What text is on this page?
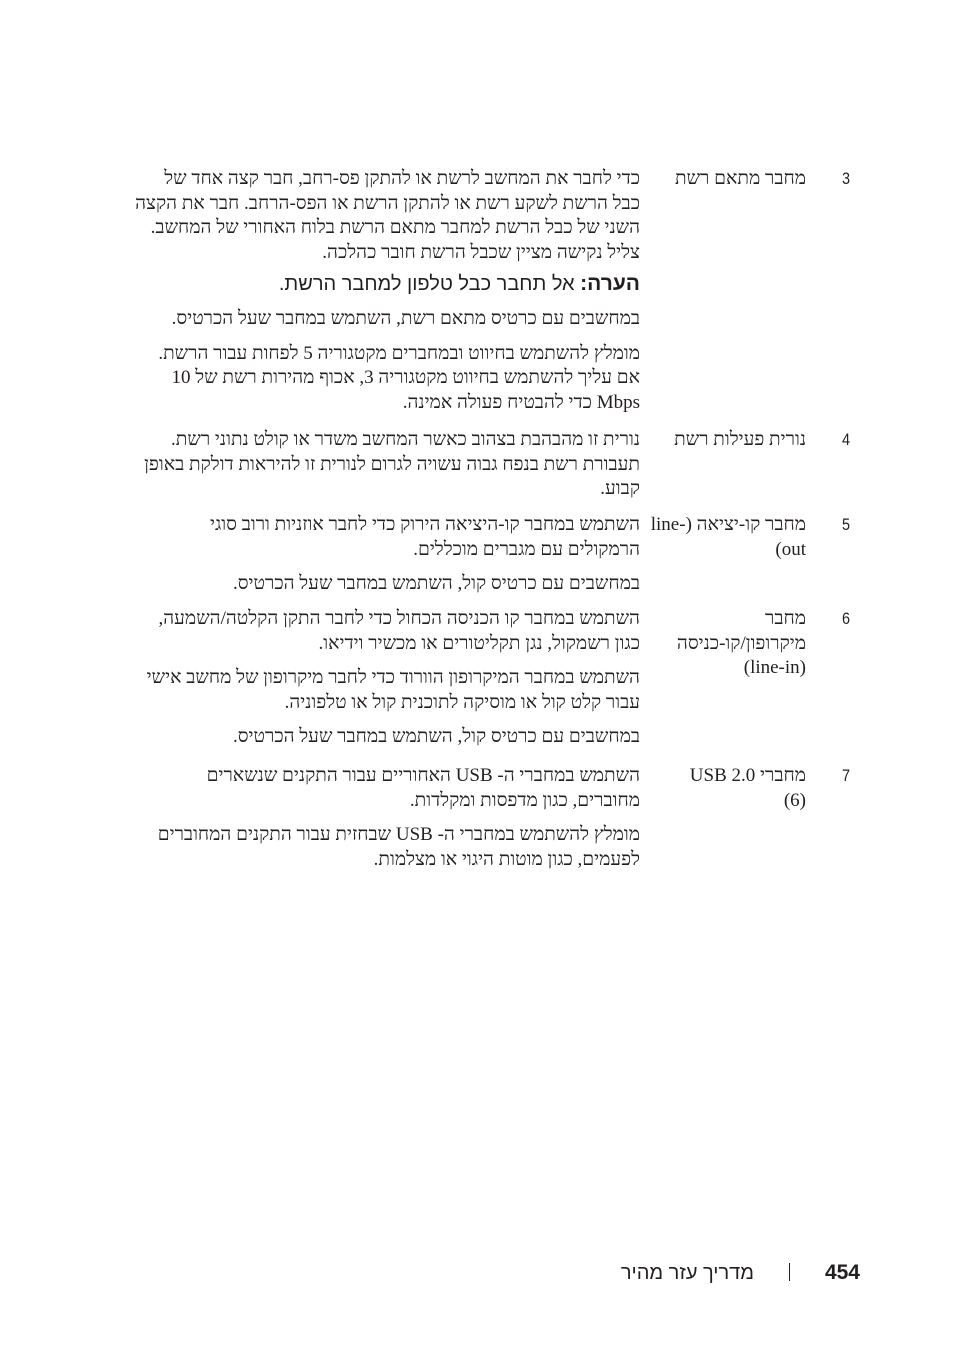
3
מחבר מתאם רשת

כדי לחבר את המחשב לרשת או להתקן פס-רחב, חבר קצה אחד של כבל הרשת לשקע רשת או להתקן הרשת או הפס-הרחב. חבר את הקצה השני של כבל הרשת למחבר מתאם הרשת בלוח האחורי של המחשב. צליל נקישה מציין שכבל הרשת חובר כהלכה.

הערה: אל תחבר כבל טלפון למחבר הרשת.

במחשבים עם כרטיס מתאם רשת, השתמש במחבר שעל הכרטיס.

מומלץ להשתמש בחיווט ובמחברים מקטגוריה 5 לפחות עבור הרשת. אם עליך להשתמש בחיווט מקטגוריה 3, אכוף מהירות רשת של 10 Mbps כדי להבטיח פעולה אמינה.

4
נורית פעילות רשת

נורית זו מהבהבת בצהוב כאשר המחשב משדר או קולט נתוני רשת. תעבורת רשת בנפח גבוה עשויה לגרום לנורית זו להיראות דולקת באופן קבוע.

5
מחבר קו-יציאה (line-out)

השתמש במחבר קו-היציאה הירוק כדי לחבר אוזניות ורוב סוגי הרמקולים עם מגברים מוכללים.

במחשבים עם כרטיס קול, השתמש במחבר שעל הכרטיס.

6
מחבר מיקרופון/קו-כניסה (line-in)

השתמש במחבר קו הכניסה הכחול כדי לחבר התקן הקלטה/השמעה, כגון רשמקול, נגן תקליטורים או מכשיר וידיאו.

השתמש במחבר המיקרופון הוורוד כדי לחבר מיקרופון של מחשב אישי עבור קלט קול או מוסיקה לתוכנית קול או טלפוניה.

במחשבים עם כרטיס קול, השתמש במחבר שעל הכרטיס.

7
מחברי USB 2.0 (6)

השתמש במחברי ה- USB האחוריים עבור התקנים שנשארים מחוברים, כגון מדפסות ומקלדות.

מומלץ להשתמש במחברי ה- USB שבחזית עבור התקנים המחוברים לפעמים, כגון מוטות היגוי או מצלמות.

454
מדריך עזר מהיר
